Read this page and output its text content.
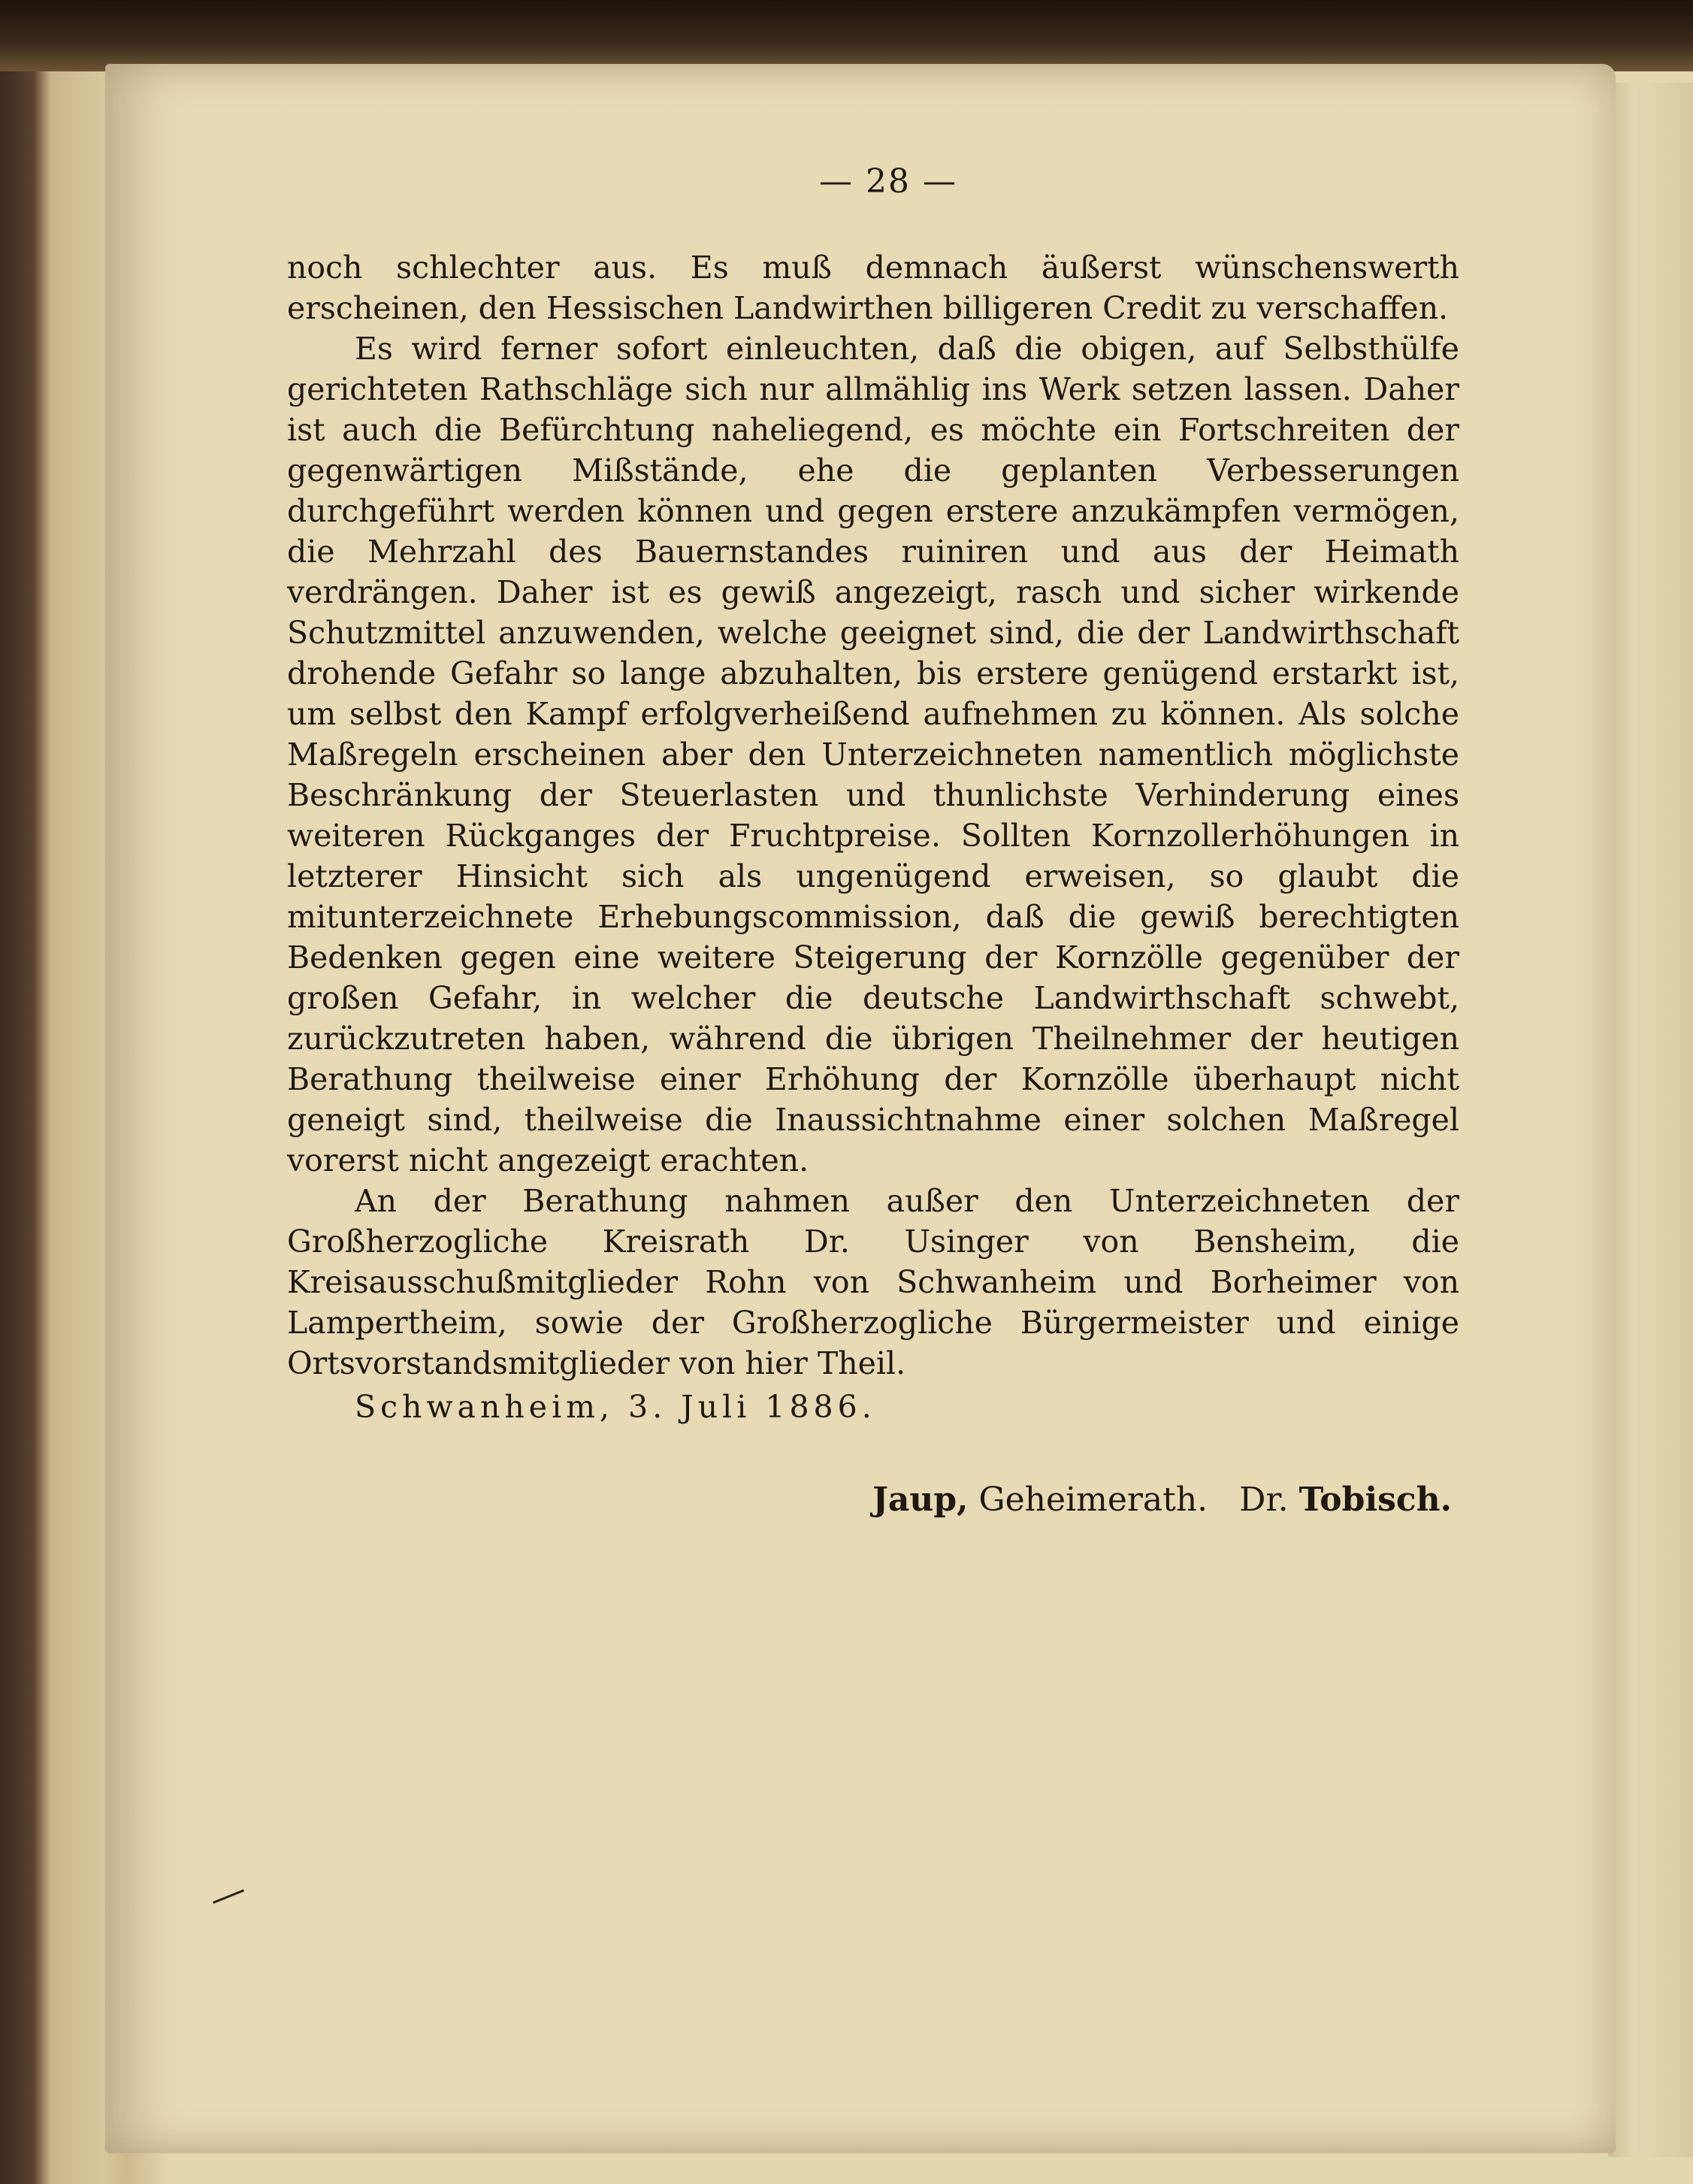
— 28 —

noch schlechter aus. Es muß demnach äußerst wünschenswerth erscheinen, den Hessischen Landwirthen billigeren Credit zu verschaffen.

Es wird ferner sofort einleuchten, daß die obigen, auf Selbsthülfe gerichteten Rathschläge sich nur allmählig ins Werk setzen lassen. Daher ist auch die Befürchtung naheliegend, es möchte ein Fortschreiten der gegenwärtigen Mißstände, ehe die geplanten Verbesserungen durchgeführt werden können und gegen erstere anzukämpfen vermögen, die Mehrzahl des Bauernstandes ruiniren und aus der Heimath verdrängen. Daher ist es gewiß angezeigt, rasch und sicher wirkende Schutzmittel anzuwenden, welche geeignet sind, die der Landwirthschaft drohende Gefahr so lange abzuhalten, bis erstere genügend erstarkt ist, um selbst den Kampf erfolgverheißend aufnehmen zu können. Als solche Maßregeln erscheinen aber den Unterzeichneten namentlich möglichste Beschränkung der Steuerlasten und thunlichste Verhinderung eines weiteren Rückganges der Fruchtpreise. Sollten Kornzollerhöhungen in letzterer Hinsicht sich als ungenügend erweisen, so glaubt die mitunterzeichnete Erhebungscommission, daß die gewiß berechtigten Bedenken gegen eine weitere Steigerung der Kornzölle gegenüber der großen Gefahr, in welcher die deutsche Landwirthschaft schwebt, zurückzutreten haben, während die übrigen Theilnehmer der heutigen Berathung theilweise einer Erhöhung der Kornzölle überhaupt nicht geneigt sind, theilweise die Inaussichtnahme einer solchen Maßregel vorerst nicht angezeigt erachten.

An der Berathung nahmen außer den Unterzeichneten der Großherzogliche Kreisrath Dr. Usinger von Bensheim, die Kreisausschußmitglieder Rohn von Schwanheim und Borheimer von Lampertheim, sowie der Großherzogliche Bürgermeister und einige Ortsvorstandsmitglieder von hier Theil.

Schwanheim, 3. Juli 1886.
Jaup, Geheimerath. Dr. Tobisch.
